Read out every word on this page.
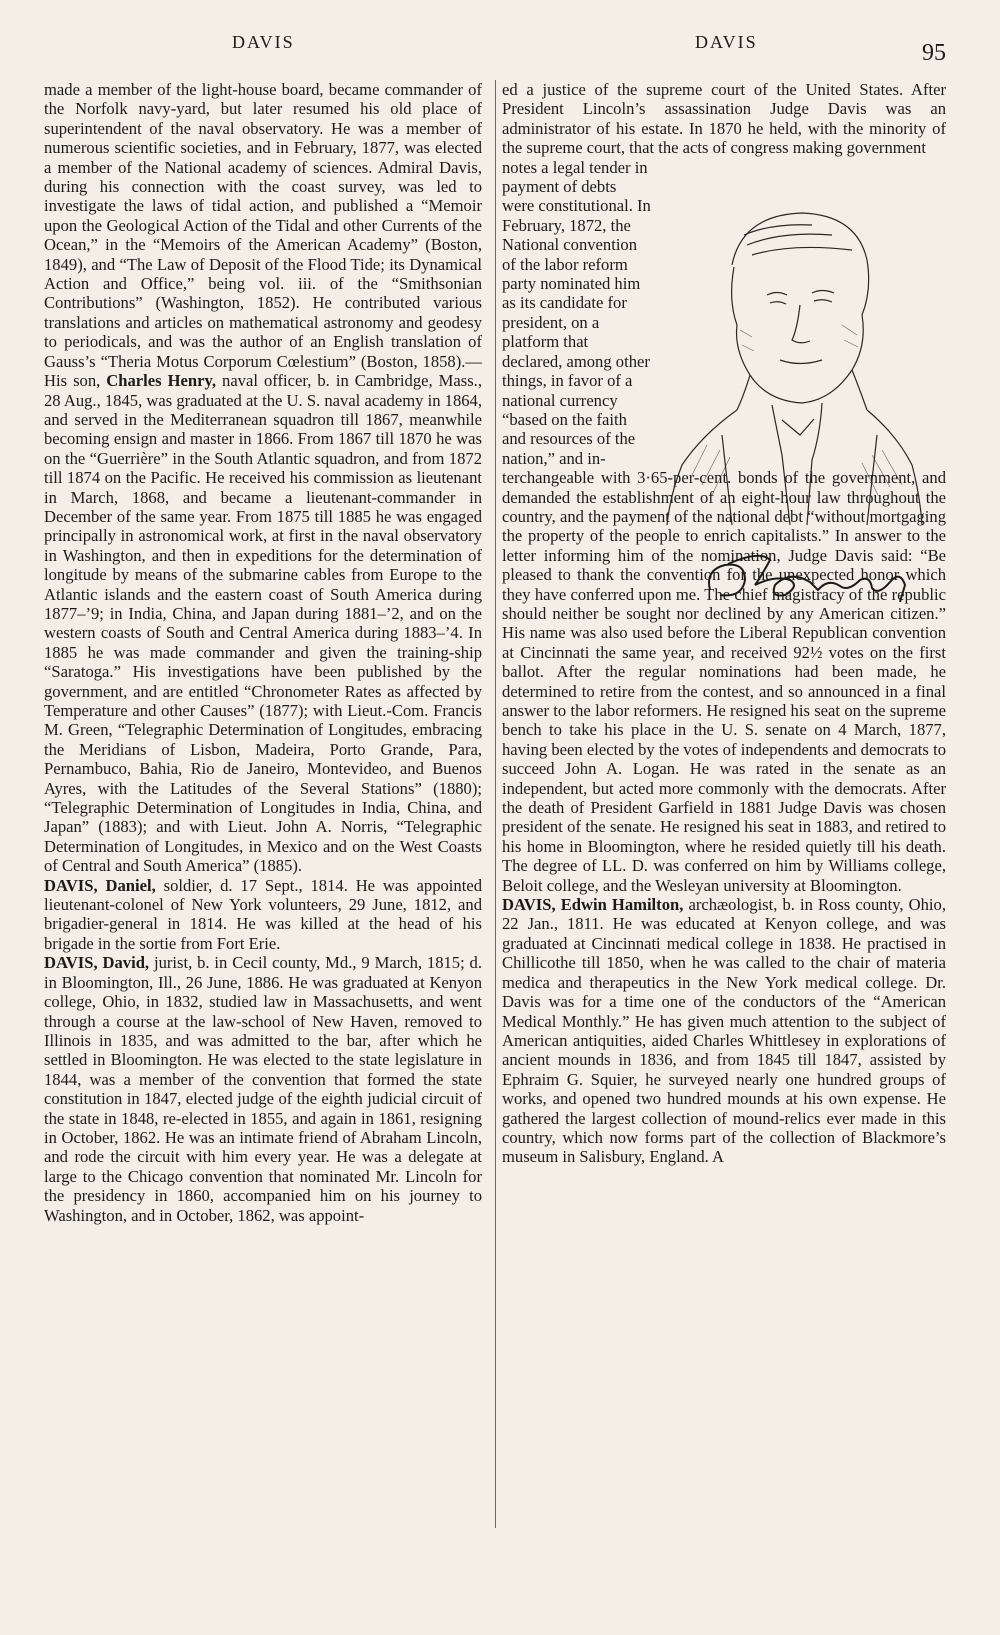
DAVIS	DAVIS	95

made a member of the light-house board, became commander of the Norfolk navy-yard, but later resumed his old place of superintendent of the naval observatory. He was a member of numerous scientific societies, and in February, 1877, was elected a member of the National academy of sciences. Admiral Davis, during his connection with the coast survey, was led to investigate the laws of tidal action, and published a “Memoir upon the Geological Action of the Tidal and other Currents of the Ocean,” in the “Memoirs of the American Academy” (Boston, 1849), and “The Law of Deposit of the Flood Tide; its Dynamical Action and Office,” being vol. iii. of the “Smithsonian Contributions” (Washington, 1852). He contributed various translations and articles on mathematical astronomy and geodesy to periodicals, and was the author of an English translation of Gauss’s “Theria Motus Corporum Cœlestium” (Boston, 1858).—His son, Charles Henry, naval officer, b. in Cambridge, Mass., 28 Aug., 1845, was graduated at the U. S. naval academy in 1864, and served in the Mediterranean squadron till 1867, meanwhile becoming ensign and master in 1866. From 1867 till 1870 he was on the “Guerrière” in the South Atlantic squadron, and from 1872 till 1874 on the Pacific. He received his commission as lieutenant in March, 1868, and became a lieutenant-commander in December of the same year. From 1875 till 1885 he was engaged principally in astronomical work, at first in the naval observatory in Washington, and then in expeditions for the determination of longitude by means of the submarine cables from Europe to the Atlantic islands and the eastern coast of South America during 1877–’9; in India, China, and Japan during 1881–’2, and on the western coasts of South and Central America during 1883–’4. In 1885 he was made commander and given the training-ship “Saratoga.” His investigations have been published by the government, and are entitled “Chronometer Rates as affected by Temperature and other Causes” (1877); with Lieut.-Com. Francis M. Green, “Telegraphic Determination of Longitudes, embracing the Meridians of Lisbon, Madeira, Porto Grande, Para, Pernambuco, Bahia, Rio de Janeiro, Montevideo, and Buenos Ayres, with the Latitudes of the Several Stations” (1880); “Telegraphic Determination of Longitudes in India, China, and Japan” (1883); and with Lieut. John A. Norris, “Telegraphic Determination of Longitudes, in Mexico and on the West Coasts of Central and South America” (1885).

DAVIS, Daniel, soldier, d. 17 Sept., 1814. He was appointed lieutenant-colonel of New York volunteers, 29 June, 1812, and brigadier-general in 1814. He was killed at the head of his brigade in the sortie from Fort Erie.

DAVIS, David, jurist, b. in Cecil county, Md., 9 March, 1815; d. in Bloomington, Ill., 26 June, 1886. He was graduated at Kenyon college, Ohio, in 1832, studied law in Massachusetts, and went through a course at the law-school of New Haven, removed to Illinois in 1835, and was admitted to the bar, after which he settled in Bloomington. He was elected to the state legislature in 1844, was a member of the convention that formed the state constitution in 1847, elected judge of the eighth judicial circuit of the state in 1848, re-elected in 1855, and again in 1861, resigning in October, 1862. He was an intimate friend of Abraham Lincoln, and rode the circuit with him every year. He was a delegate at large to the Chicago convention that nominated Mr. Lincoln for the presidency in 1860, accompanied him on his journey to Washington, and in October, 1862, was appoint-

ed a justice of the supreme court of the United States. After President Lincoln’s assassination Judge Davis was an administrator of his estate. In 1870 he held, with the minority of the supreme court, that the acts of congress making government

notes a legal tender in payment of debts were constitutional. In February, 1872, the National convention of the labor reform party nominated him as its candidate for president, on a platform that declared, among other things, in favor of a national currency “based on the faith and resources of the nation,” and in-

terchangeable with 3·65-per-cent. bonds of the government, and demanded the establishment of an eight-hour law throughout the country, and the payment of the national debt “without mortgaging the property of the people to enrich capitalists.” In answer to the letter informing him of the nomination, Judge Davis said: “Be pleased to thank the convention for the unexpected honor which they have conferred upon me. The chief magistracy of the republic should neither be sought nor declined by any American citizen.” His name was also used before the Liberal Republican convention at Cincinnati the same year, and received 92½ votes on the first ballot. After the regular nominations had been made, he determined to retire from the contest, and so announced in a final answer to the labor reformers. He resigned his seat on the supreme bench to take his place in the U. S. senate on 4 March, 1877, having been elected by the votes of independents and democrats to succeed John A. Logan. He was rated in the senate as an independent, but acted more commonly with the democrats. After the death of President Garfield in 1881 Judge Davis was chosen president of the senate. He resigned his seat in 1883, and retired to his home in Bloomington, where he resided quietly till his death. The degree of LL. D. was conferred on him by Williams college, Beloit college, and the Wesleyan university at Bloomington.

DAVIS, Edwin Hamilton, archæologist, b. in Ross county, Ohio, 22 Jan., 1811. He was educated at Kenyon college, and was graduated at Cincinnati medical college in 1838. He practised in Chillicothe till 1850, when he was called to the chair of materia medica and therapeutics in the New York medical college. Dr. Davis was for a time one of the conductors of the “American Medical Monthly.” He has given much attention to the subject of American antiquities, aided Charles Whittlesey in explorations of ancient mounds in 1836, and from 1845 till 1847, assisted by Ephraim G. Squier, he surveyed nearly one hundred groups of works, and opened two hundred mounds at his own expense. He gathered the largest collection of mound-relics ever made in this country, which now forms part of the collection of Blackmore’s museum in Salisbury, England. A
